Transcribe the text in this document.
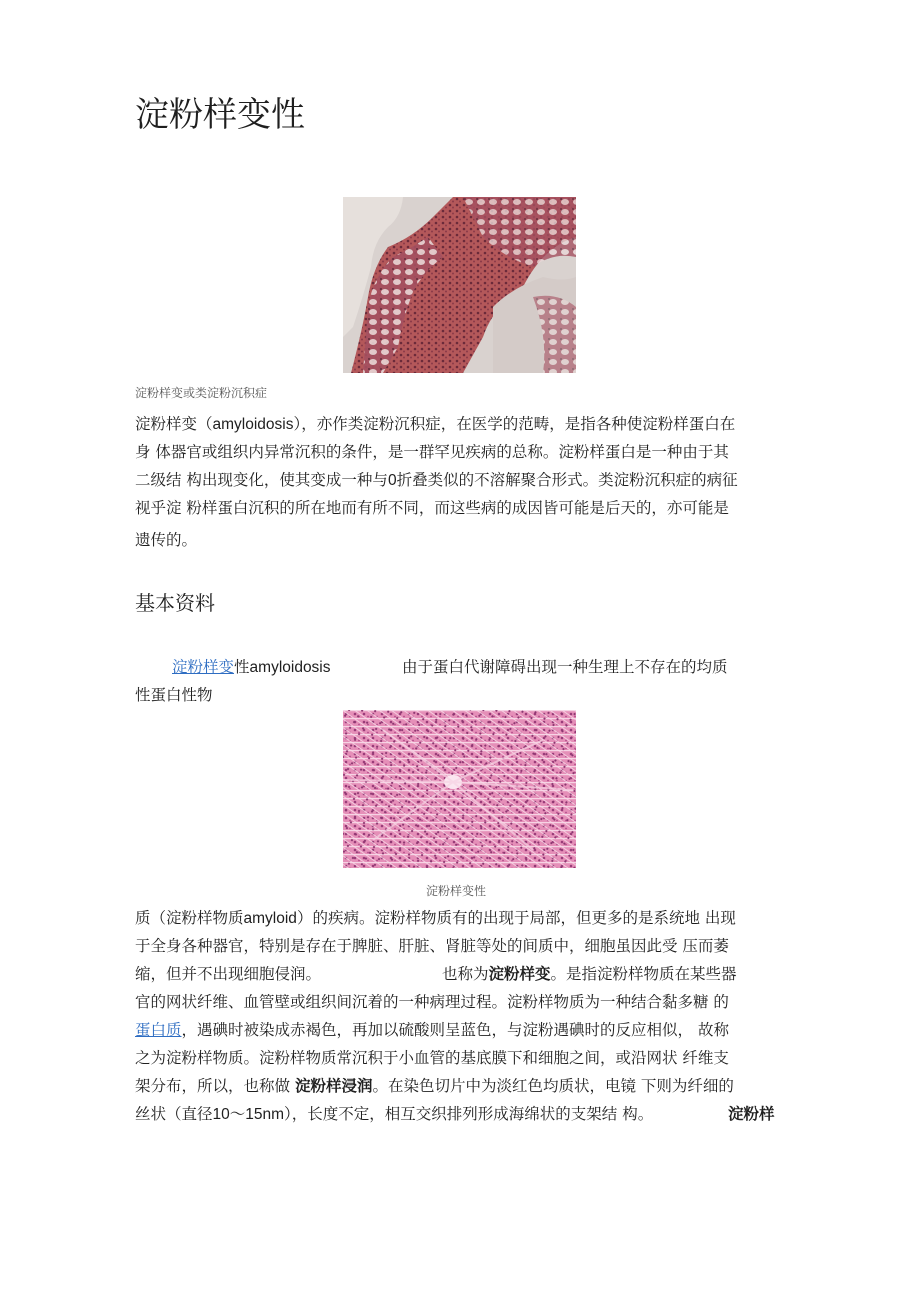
淀粉样变性
淀粉样变或类淀粉沉积症
淀粉样变（amyloidosis），亦作类淀粉沉积症，在医学的范畴，是指各种使淀粉样蛋白在
身 体器官或组织内异常沉积的条件，是一群罕见疾病的总称。淀粉样蛋白是一种由于其
二级结 构出现变化，使其变成一种与0折叠类似的不溶解聚合形式。类淀粉沉积症的病征
视乎淀 粉样蛋白沉积的所在地而有所不同，而这些病的成因皆可能是后天的，亦可能是
遗传的。
基本资料
淀粉样变性amyloidosis	由于蛋白代谢障碍出现一种生理上不存在的均质
性蛋白性物
淀粉样变性
质（淀粉样物质amyloid）的疾病。淀粉样物质有的出现于局部，但更多的是系统地 出现
于全身各种器官，特别是存在于脾脏、肝脏、肾脏等处的间质中，细胞虽因此受 压而萎
缩，但并不出现细胞侵润。	也称为淀粉样变。是指淀粉样物质在某些器
官的网状纤维、血管壁或组织间沉着的一种病理过程。淀粉样物质为一种结合黏多糖 的
蛋白质，遇碘时被染成赤褐色，再加以硫酸则呈蓝色，与淀粉遇碘时的反应相似， 故称
之为淀粉样物质。淀粉样物质常沉积于小血管的基底膜下和细胞之间，或沿网状 纤维支
架分布，所以，也称做 淀粉样浸润。在染色切片中为淡红色均质状，电镜 下则为纤细的
丝状（直径10～15nm），长度不定，相互交织排列形成海绵状的支架结 构。	淀粉样
